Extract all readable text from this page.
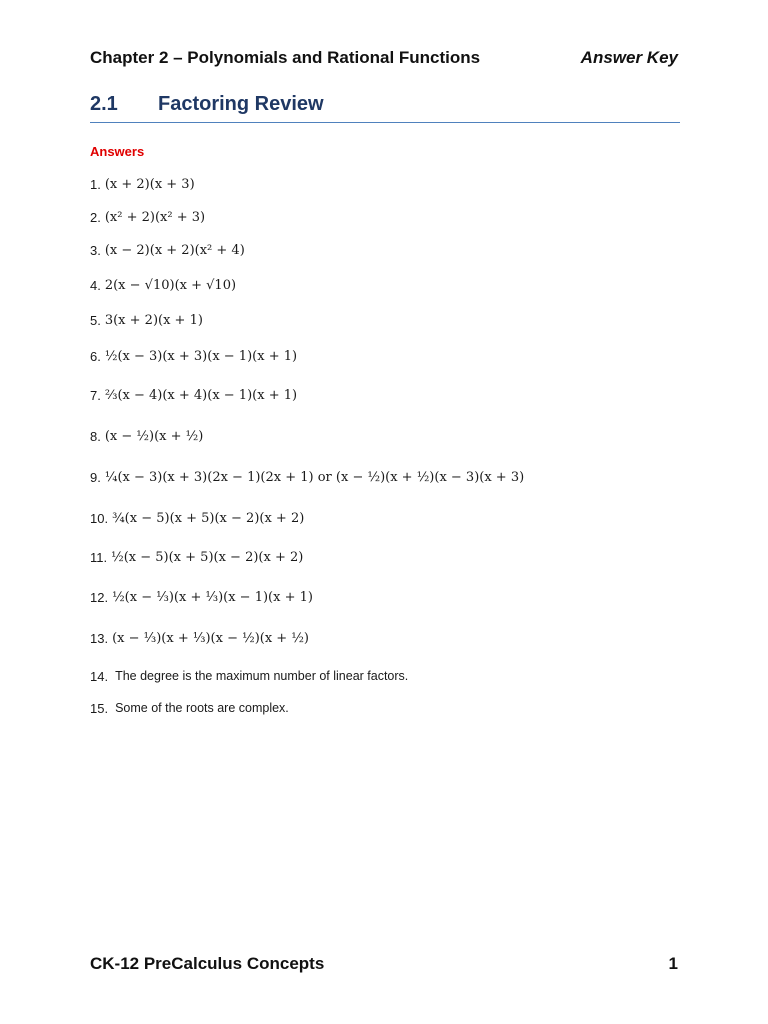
Chapter 2 – Polynomials and Rational Functions	Answer Key
2.1 Factoring Review
Answers
1. (x + 2)(x + 3)
2. (x² + 2)(x² + 3)
3. (x − 2)(x + 2)(x² + 4)
4. 2(x − √10)(x + √10)
5. 3(x + 2)(x + 1)
6. ½(x − 3)(x + 3)(x − 1)(x + 1)
7. ⅔(x − 4)(x + 4)(x − 1)(x + 1)
8. (x − ½)(x + ½)
9. ¼(x − 3)(x + 3)(2x − 1)(2x + 1) or (x − ½)(x + ½)(x − 3)(x + 3)
10. ¾(x − 5)(x + 5)(x − 2)(x + 2)
11. ½(x − 5)(x + 5)(x − 2)(x + 2)
12. ½(x − ⅓)(x + ⅓)(x − 1)(x + 1)
13. (x − ⅓)(x + ⅓)(x − ½)(x + ½)
14. The degree is the maximum number of linear factors.
15. Some of the roots are complex.
CK-12 PreCalculus Concepts	1
